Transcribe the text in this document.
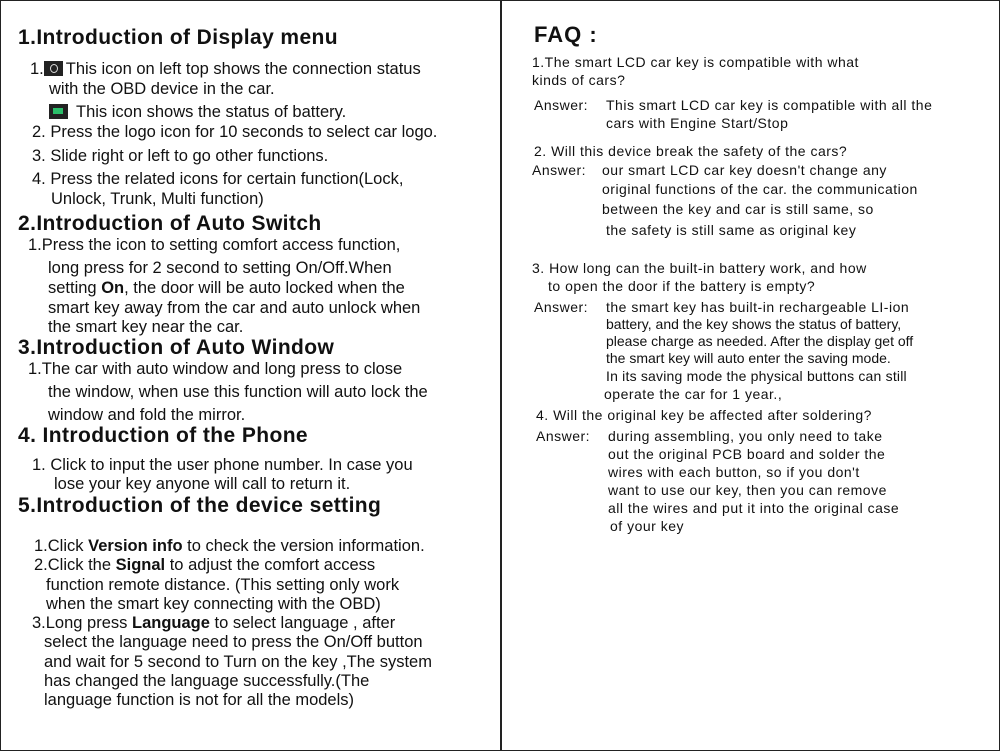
1.Introduction of Display menu
1. This icon on left top shows the connection status
with the OBD device in the car.
This icon shows the status of battery.
2. Press the logo icon for 10 seconds to select car logo.
3. Slide right or left to go other functions.
4. Press the related icons for certain function(Lock,
Unlock, Trunk, Multi function)
2.Introduction of Auto Switch
1.Press the icon to setting comfort access function,
long press for 2 second to setting On/Off.When
setting On, the door will be auto locked when the
smart key away from the car and auto unlock when
the smart key near the car.
3.Introduction of Auto Window
1.The car with auto window and long press to close
the window, when use this function will auto lock the
window and fold the mirror.
4. Introduction of the Phone
1. Click to input the user phone number. In case you
lose your key anyone will call to return it.
5.Introduction of the device setting
1.Click Version info to check the version information.
2.Click the Signal to adjust the comfort access
function remote distance. (This setting only work
when the smart key connecting with the OBD)
3.Long press Language to select language , after
select the language need to press the On/Off button
and wait for 5 second to Turn on the key ,The system
has changed the language successfully.(The
language function is not for all the models)
FAQ :
1.The smart LCD car key is compatible with what
kinds of cars?
Answer: This smart LCD car key is compatible with all the
cars with Engine Start/Stop
2. Will this device break the safety of the cars?
Answer: our smart LCD car key doesn't change any
original functions of the car. the communication
between the key and car is still same, so
the safety is still same as original key
3. How long can the built-in battery work, and how
to open the door if the battery is empty?
Answer: the smart key has built-in rechargeable LI-ion
battery, and the key shows the status of battery,
please charge as needed. After the display get off
the smart key will auto enter the saving mode.
In its saving mode the physical buttons can still
operate the car for 1 year.,
4. Will the original key be affected after soldering?
Answer: during assembling, you only need to take
out the original PCB board and solder the
wires with each button, so if you don't
want to use our key, then you can remove
all the wires and put it into the original case
of your key
